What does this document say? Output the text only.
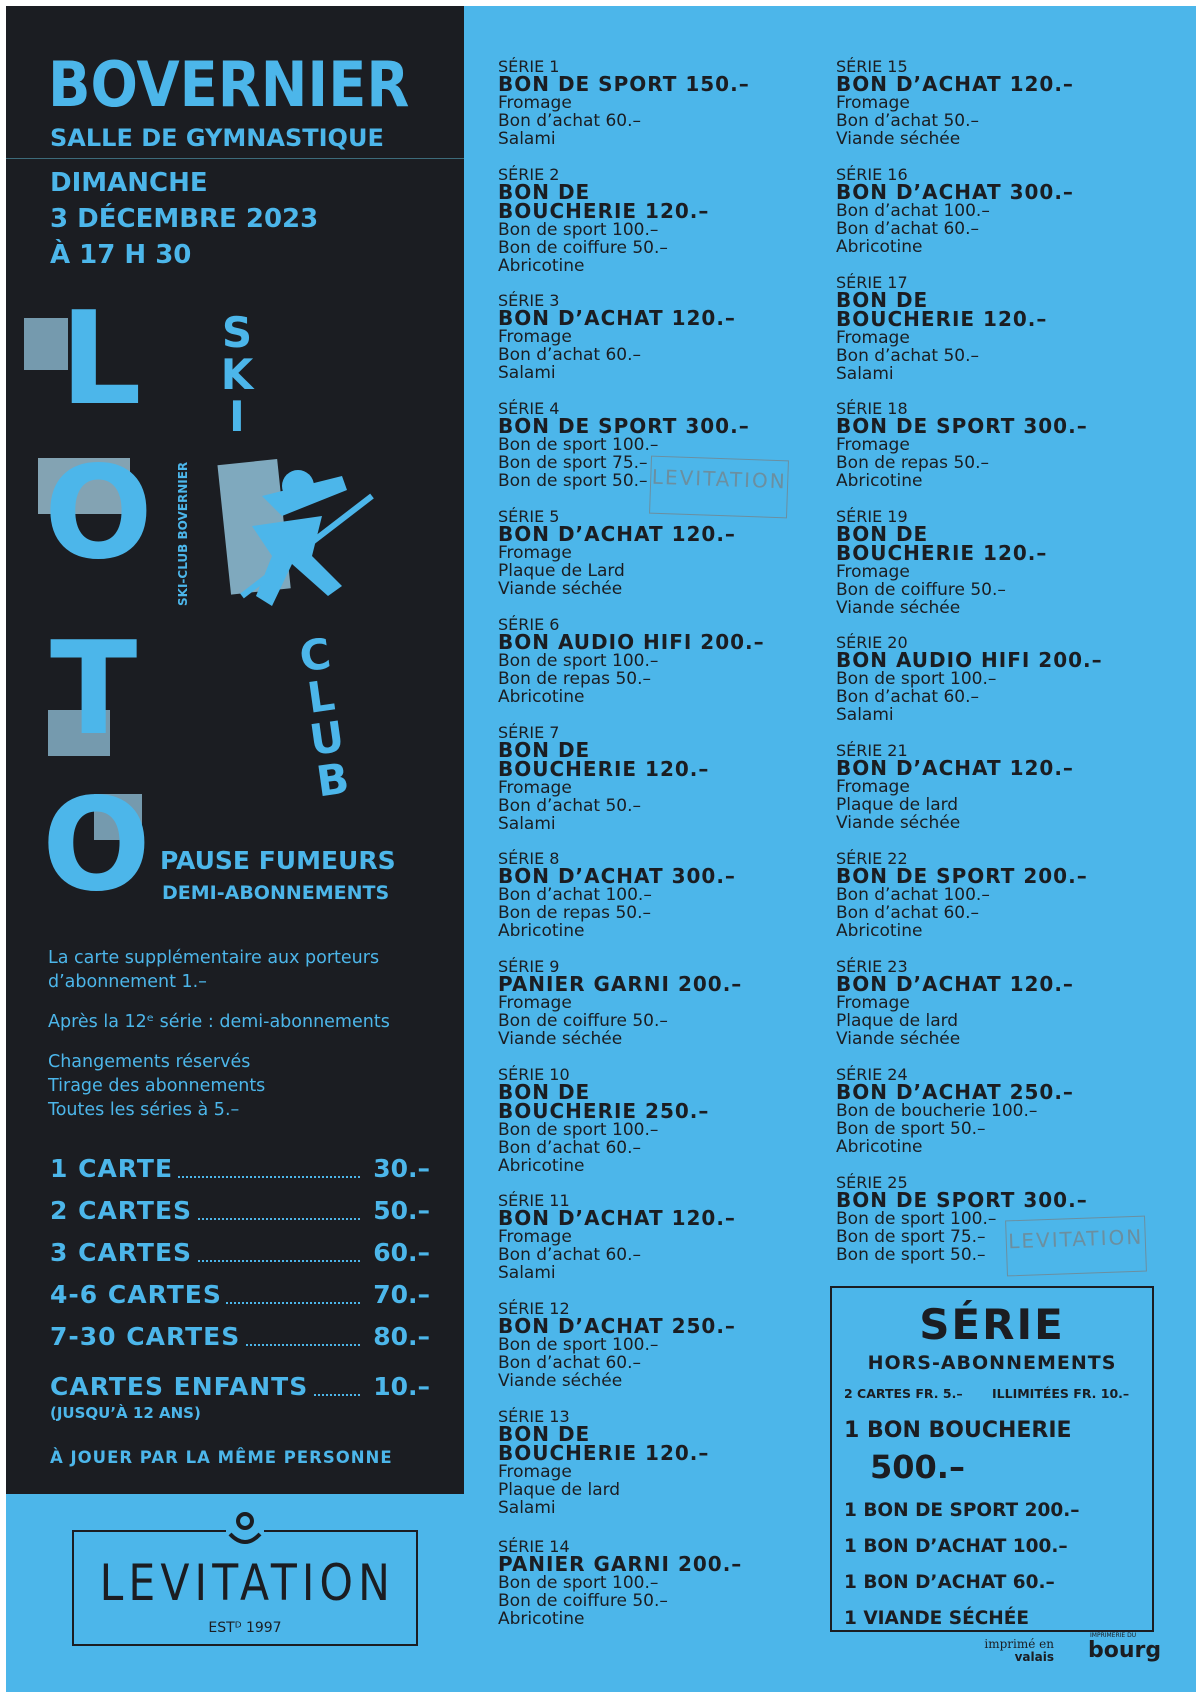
BOVERNIER
SALLE DE GYMNASTIQUE
DIMANCHE
3 DÉCEMBRE 2023
À 17 H 30
L
O
T
O
SKI
SKI-CLUB BOVERNIER
CLUB
PAUSE FUMEURS
DEMI-ABONNEMENTS
La carte supplémentaire aux porteurs
d’abonnement 1.–
Après la 12ᵉ série : demi-abonnements
Changements réservés
Tirage des abonnements
Toutes les séries à 5.–
1 CARTE	30.–
2 CARTES	50.–
3 CARTES	60.–
4-6 CARTES	70.–
7-30 CARTES	80.–
CARTES ENFANTS	10.–
(JUSQU’À 12 ANS)
À JOUER PAR LA MÊME PERSONNE
LEVITATION
ESTᴰ 1997
SÉRIE 1
BON DE SPORT 150.–
Fromage
Bon d’achat 60.–
Salami
SÉRIE 2
BON DE
BOUCHERIE 120.–
Bon de sport 100.–
Bon de coiffure 50.–
Abricotine
SÉRIE 3
BON D’ACHAT 120.–
Fromage
Bon d’achat 60.–
Salami
SÉRIE 4
BON DE SPORT 300.–
Bon de sport 100.–
Bon de sport 75.–
Bon de sport 50.– LEVITATION
SÉRIE 5
BON D’ACHAT 120.–
Fromage
Plaque de Lard
Viande séchée
SÉRIE 6
BON AUDIO HIFI 200.–
Bon de sport 100.–
Bon de repas 50.–
Abricotine
SÉRIE 7
BON DE
BOUCHERIE 120.–
Fromage
Bon d’achat 50.–
Salami
SÉRIE 8
BON D’ACHAT 300.–
Bon d’achat 100.–
Bon de repas 50.–
Abricotine
SÉRIE 9
PANIER GARNI 200.–
Fromage
Bon de coiffure 50.–
Viande séchée
SÉRIE 10
BON DE
BOUCHERIE 250.–
Bon de sport 100.–
Bon d’achat 60.–
Abricotine
SÉRIE 11
BON D’ACHAT 120.–
Fromage
Bon d’achat 60.–
Salami
SÉRIE 12
BON D’ACHAT 250.–
Bon de sport 100.–
Bon d’achat 60.–
Viande séchée
SÉRIE 13
BON DE
BOUCHERIE 120.–
Fromage
Plaque de lard
Salami
SÉRIE 14
PANIER GARNI 200.–
Bon de sport 100.–
Bon de coiffure 50.–
Abricotine
SÉRIE 15
BON D’ACHAT 120.–
Fromage
Bon d’achat 50.–
Viande séchée
SÉRIE 16
BON D’ACHAT 300.–
Bon d’achat 100.–
Bon d’achat 60.–
Abricotine
SÉRIE 17
BON DE
BOUCHERIE 120.–
Fromage
Bon d’achat 50.–
Salami
SÉRIE 18
BON DE SPORT 300.–
Fromage
Bon de repas 50.–
Abricotine
SÉRIE 19
BON DE
BOUCHERIE 120.–
Fromage
Bon de coiffure 50.–
Viande séchée
SÉRIE 20
BON AUDIO HIFI 200.–
Bon de sport 100.–
Bon d’achat 60.–
Salami
SÉRIE 21
BON D’ACHAT 120.–
Fromage
Plaque de lard
Viande séchée
SÉRIE 22
BON DE SPORT 200.–
Bon d’achat 100.–
Bon d’achat 60.–
Abricotine
SÉRIE 23
BON D’ACHAT 120.–
Fromage
Plaque de lard
Viande séchée
SÉRIE 24
BON D’ACHAT 250.–
Bon de boucherie 100.–
Bon de sport 50.–
Abricotine
SÉRIE 25
BON DE SPORT 300.–
Bon de sport 100.–
Bon de sport 75.–
Bon de sport 50.–
LEVITATION
SÉRIE
HORS-ABONNEMENTS
2 CARTES FR. 5.– ILLIMITÉES FR. 10.–
1 BON BOUCHERIE
500.–
1 BON DE SPORT 200.–
1 BON D’ACHAT 100.–
1 BON D’ACHAT 60.–
1 VIANDE SÉCHÉE
imprimé en
valais
IMPRIMERIE DU
bourg
